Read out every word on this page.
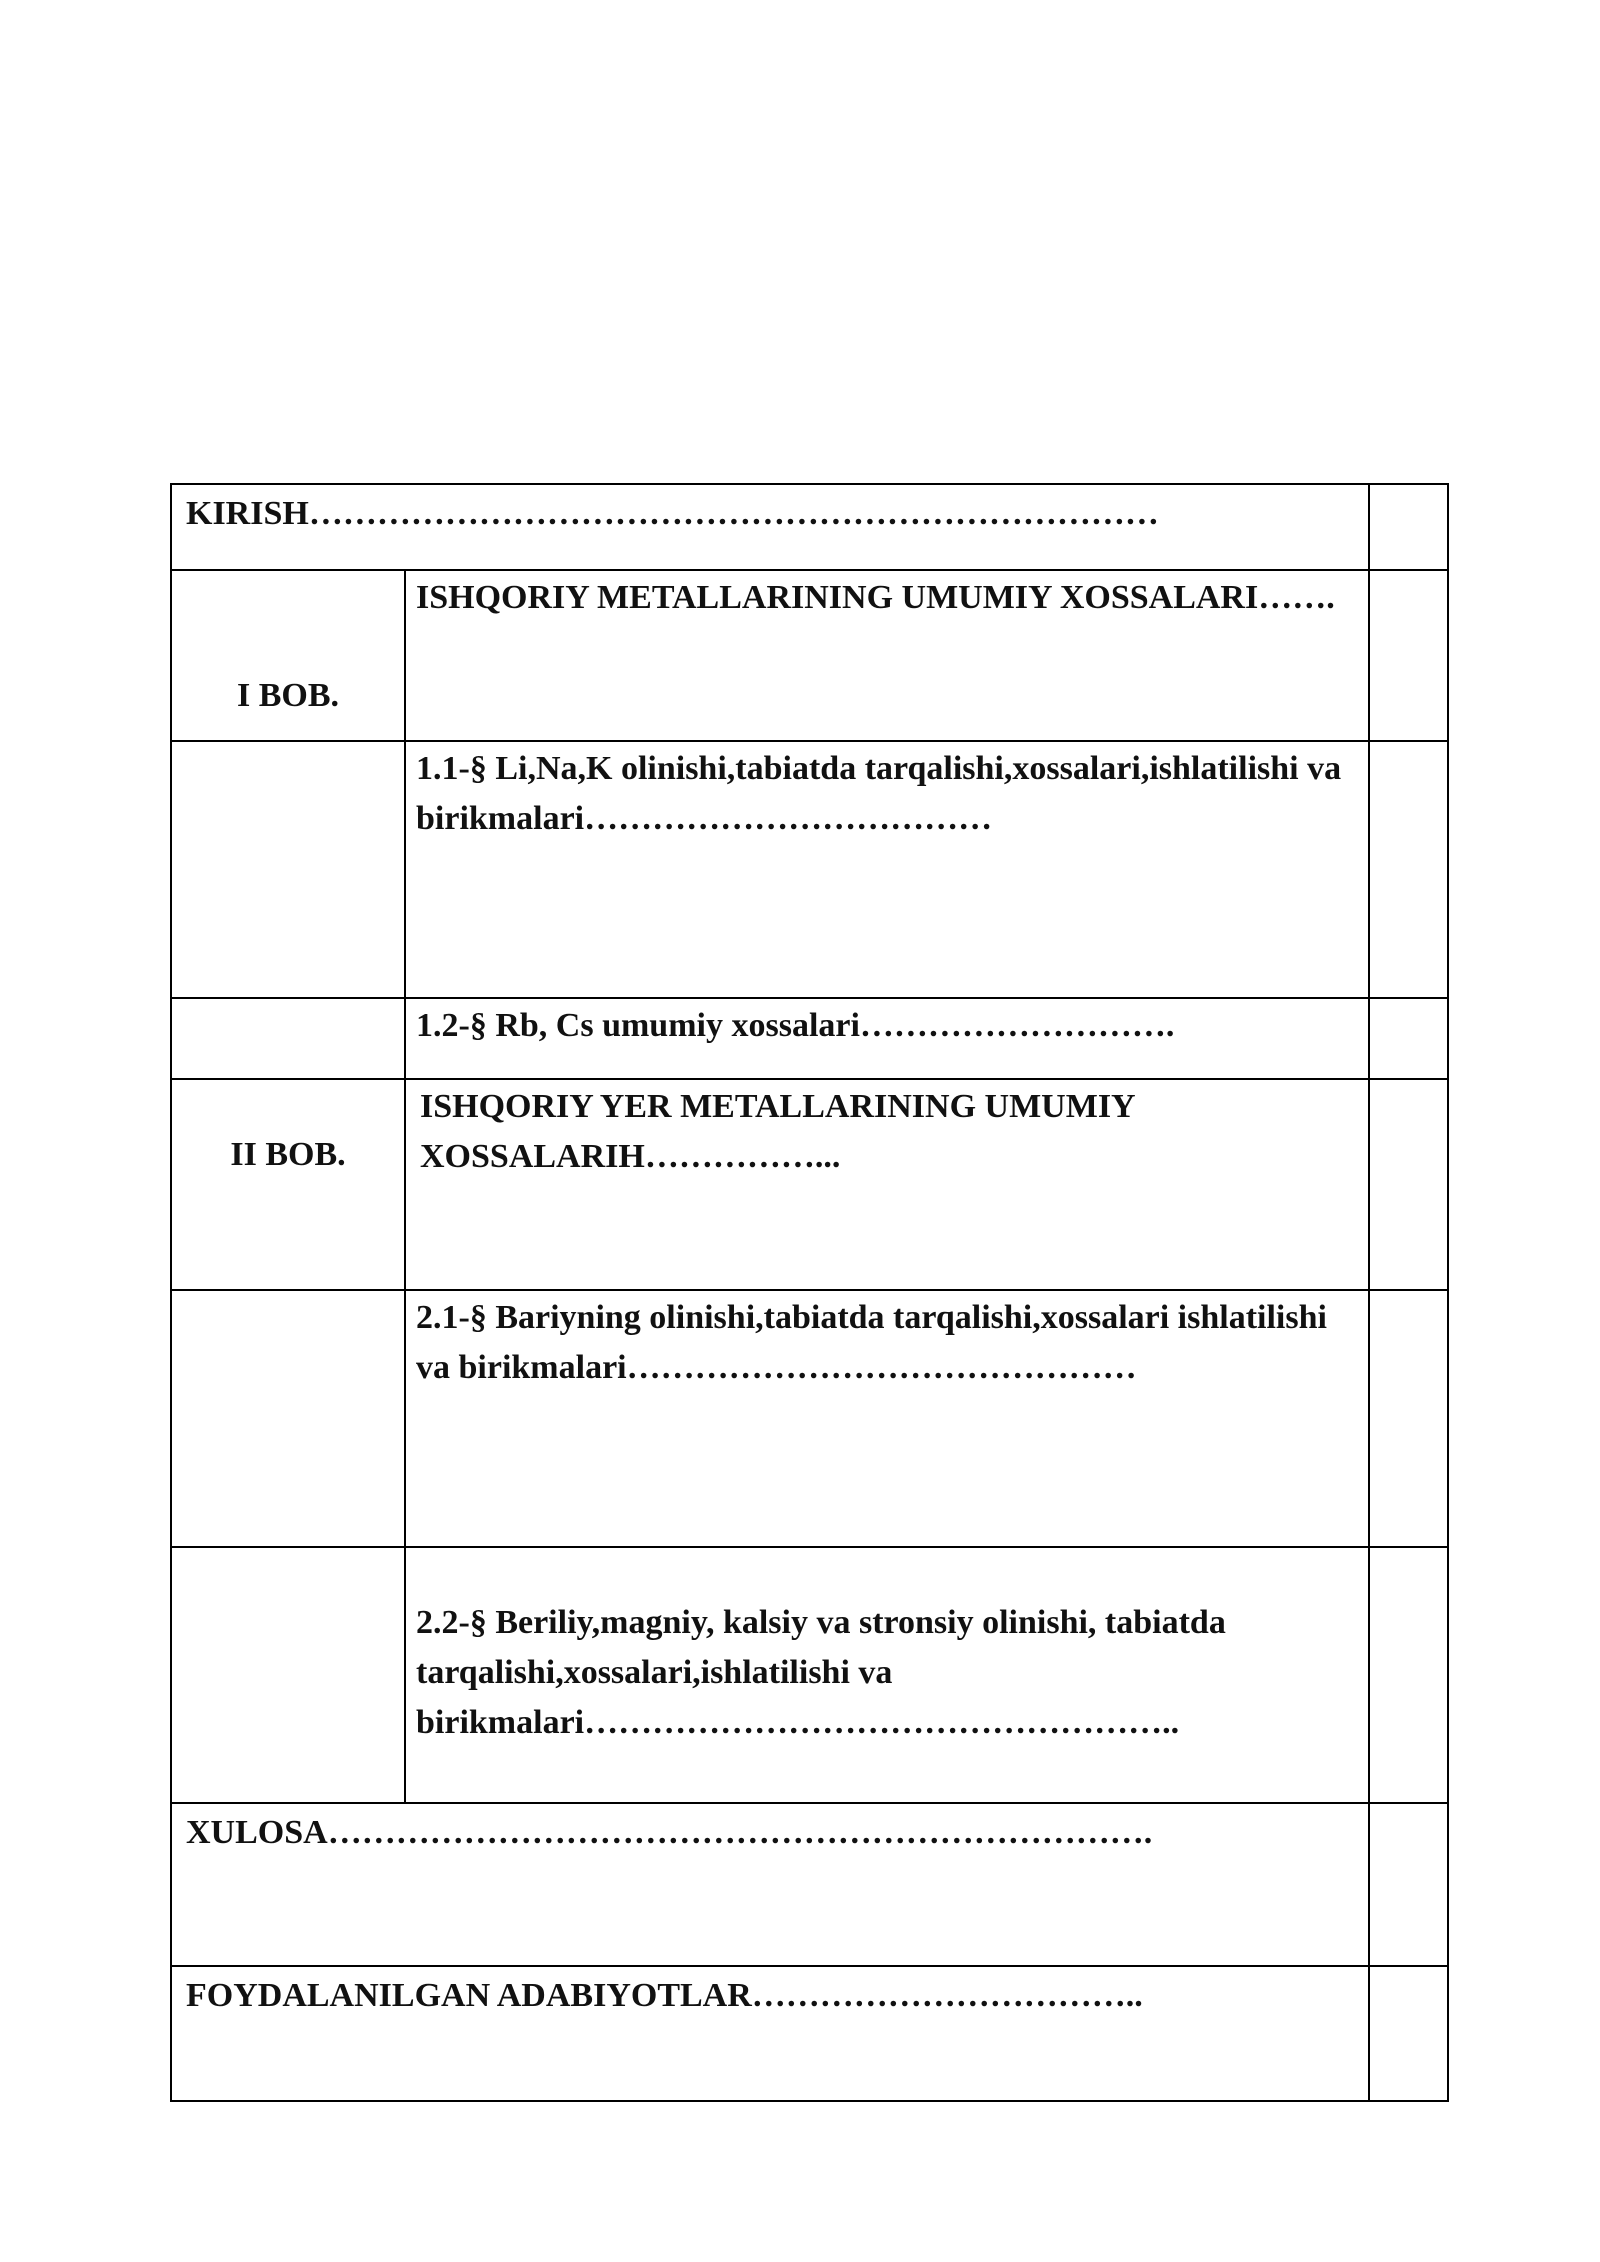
KIRISH…………………………………………………………………		
I BOB.	ISHQORIY METALLARINING UMUMIY XOSSALARI…….	
	1.1-§ Li,Na,K olinishi,tabiatda tarqalishi,xossalari,ishlatilishi va birikmalari………………………………	
	1.2-§ Rb, Cs umumiy xossalari……………………….	
II BOB.	ISHQORIY YER METALLARINING UMUMIY XOSSALARIH……………...	
	2.1-§ Bariyning olinishi,tabiatda tarqalishi,xossalari ishlatilishi va birikmalari………………………………………	
	2.2-§ Beriliy,magniy, kalsiy va stronsiy olinishi, tabiatda tarqalishi,xossalari,ishlatilishi va birikmalari……………………………………………..	
XULOSA……………………………………………………………….		
FOYDALANILGAN ADABIYOTLAR……………………………..		
